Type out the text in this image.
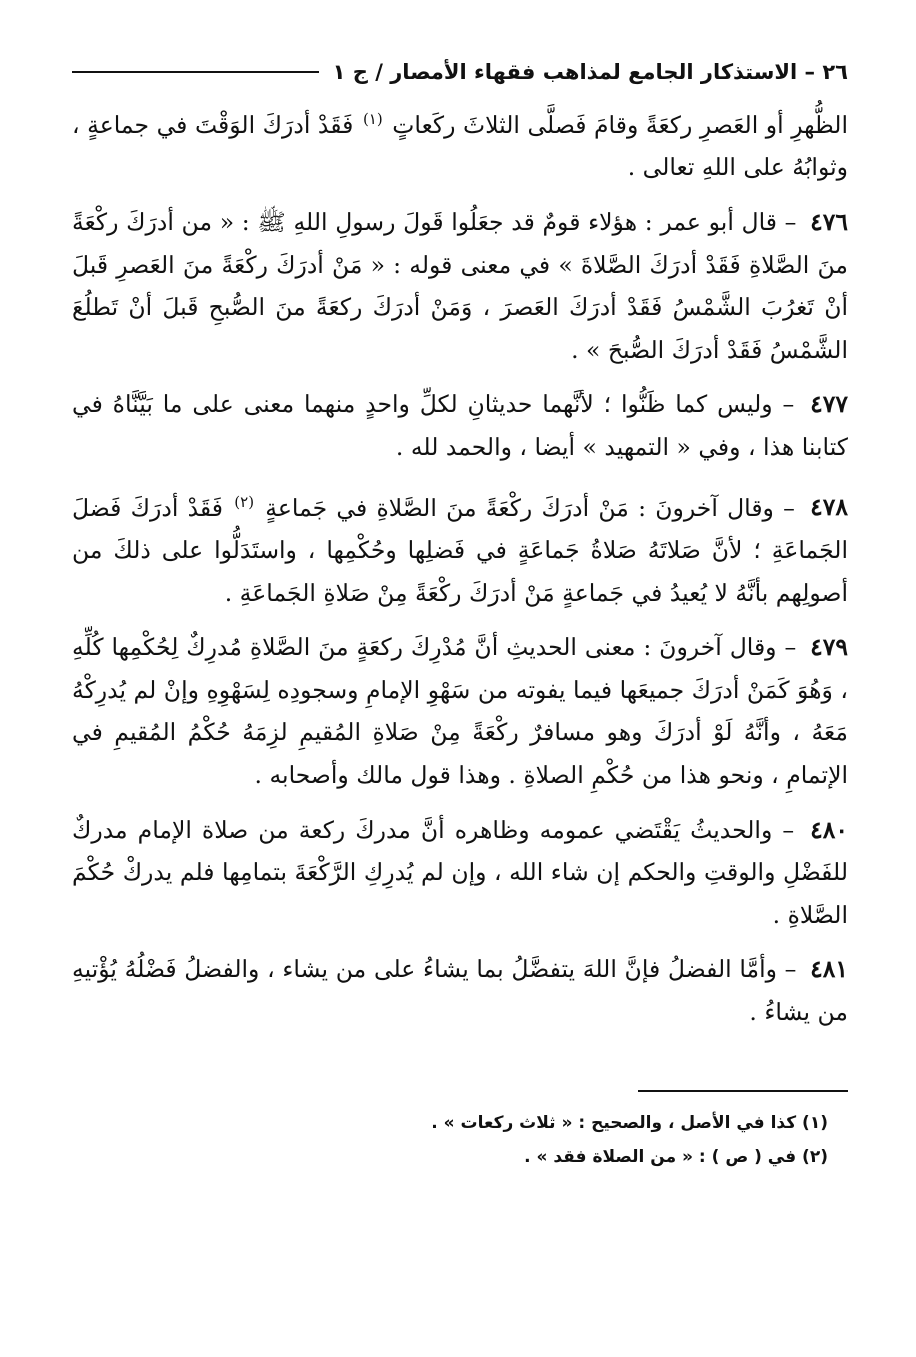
٢٦ – الاستذكار الجامع لمذاهب فقهاء الأمصار / ج ١

الظُّهرِ أو العَصرِ ركعَةً وقامَ فَصلَّى الثلاثَ ركَعاتٍ $^{(١)}$ فَقَدْ أدرَكَ الوَقْتَ في جماعةٍ ، وثوابُهُ على اللهِ تعالى .

٤٧٦ – قال أبو عمر : هؤلاء قومٌ قد جعَلُوا قَولَ رسولِ اللهِ ﷺ : « من أدرَكَ ركْعَةً منَ الصَّلاةِ فَقَدْ أدرَكَ الصَّلاةَ » في معنى قوله : « مَنْ أدرَكَ ركْعَةً منَ العَصرِ قَبلَ أنْ تَغرُبَ الشَّمْسُ فَقَدْ أدرَكَ العَصرَ ، وَمَنْ أدرَكَ ركعَةً منَ الصُّبحِ قَبلَ أنْ تَطلُعَ الشَّمْسُ فَقَدْ أدرَكَ الصُّبحَ » .

٤٧٧ – وليس كما ظَنُّوا ؛ لأنَّهما حديثانِ لكلِّ واحدٍ منهما معنى على ما بَيَّنَّاهُ في كتابنا هذا ، وفي « التمهيد » أيضا ، والحمد لله .

٤٧٨ – وقال آخرونَ : مَنْ أدرَكَ ركْعَةً منَ الصَّلاةِ في جَماعةٍ $^{(٢)}$ فَقَدْ أدرَكَ فَضلَ الجَماعَةِ ؛ لأنَّ صَلاتَهُ صَلاةُ جَماعَةٍ في فَضلِها وحُكْمِها ، واستَدَلُّوا على ذلكَ من أصولِهم بأنَّهُ لا يُعيدُ في جَماعةٍ مَنْ أدرَكَ ركْعَةً مِنْ صَلاةِ الجَماعَةِ .

٤٧٩ – وقال آخرونَ : معنى الحديثِ أنَّ مُدْرِكَ ركعَةٍ منَ الصَّلاةِ مُدرِكٌ لِحُكْمِها كُلِّهِ ، وَهُوَ كَمَنْ أدرَكَ جميعَها فيما يفوته من سَهْوِ الإمامِ وسجودِه لِسَهْوِهِ وإنْ لم يُدرِكْهُ مَعَهُ ، وأنَّهُ لَوْ أدرَكَ وهو مسافرٌ ركْعَةً مِنْ صَلاةِ المُقيمِ لزِمَهُ حُكْمُ المُقيمِ في الإتمامِ ، ونحو هذا من حُكْمِ الصلاةِ . وهذا قول مالك وأصحابه .

٤٨٠ – والحديثُ يَقْتَضي عمومه وظاهره أنَّ مدركَ ركعة من صلاة الإمام مدركٌ للفَضْلِ والوقتِ والحكم إن شاء الله ، وإن لم يُدرِكِ الرَّكْعَةَ بتمامِها فلم يدركْ حُكْمَ الصَّلاةِ .

٤٨١ – وأمَّا الفضلُ فإنَّ اللهَ يتفضَّلُ بما يشاءُ على من يشاء ، والفضلُ فَضْلُهُ يُؤْتيهِ من يشاءُ .

(١) كذا في الأصل ، والصحيح : « ثلاث ركعات » .

(٢) في ( ص ) : « من الصلاة فقد » .
